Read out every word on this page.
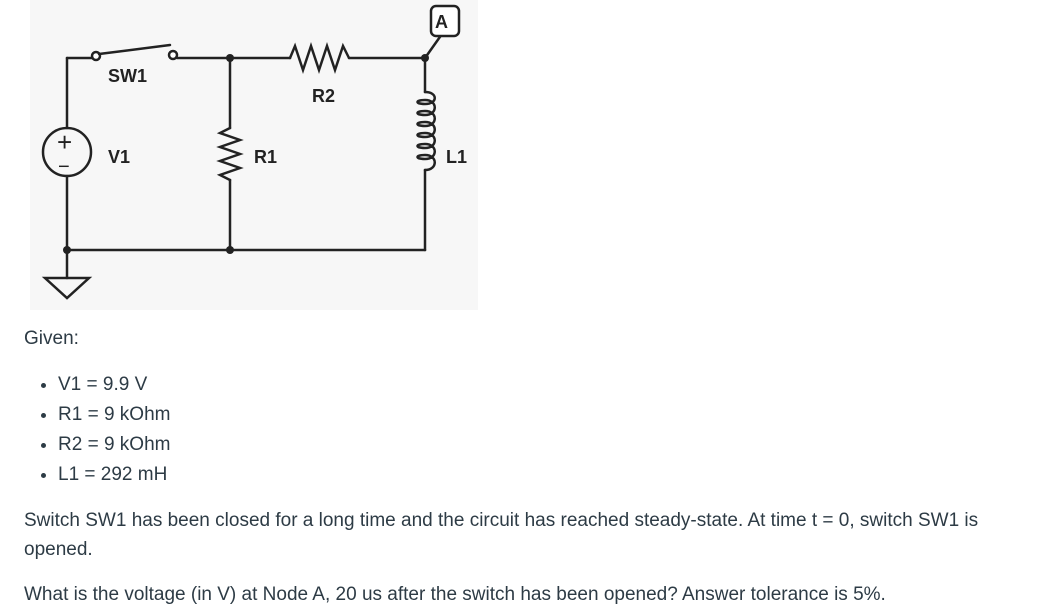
A
+
−
SW1
V1	R1
R2
L1
Given:
• V1 = 9.9 V
• R1 = 9 kOhm
• R2 = 9 kOhm
• L1 = 292 mH
Switch SW1 has been closed for a long time and the circuit has reached steady-state. At time t = 0, switch SW1 is opened.
What is the voltage (in V) at Node A, 20 us after the switch has been opened? Answer tolerance is 5%.
